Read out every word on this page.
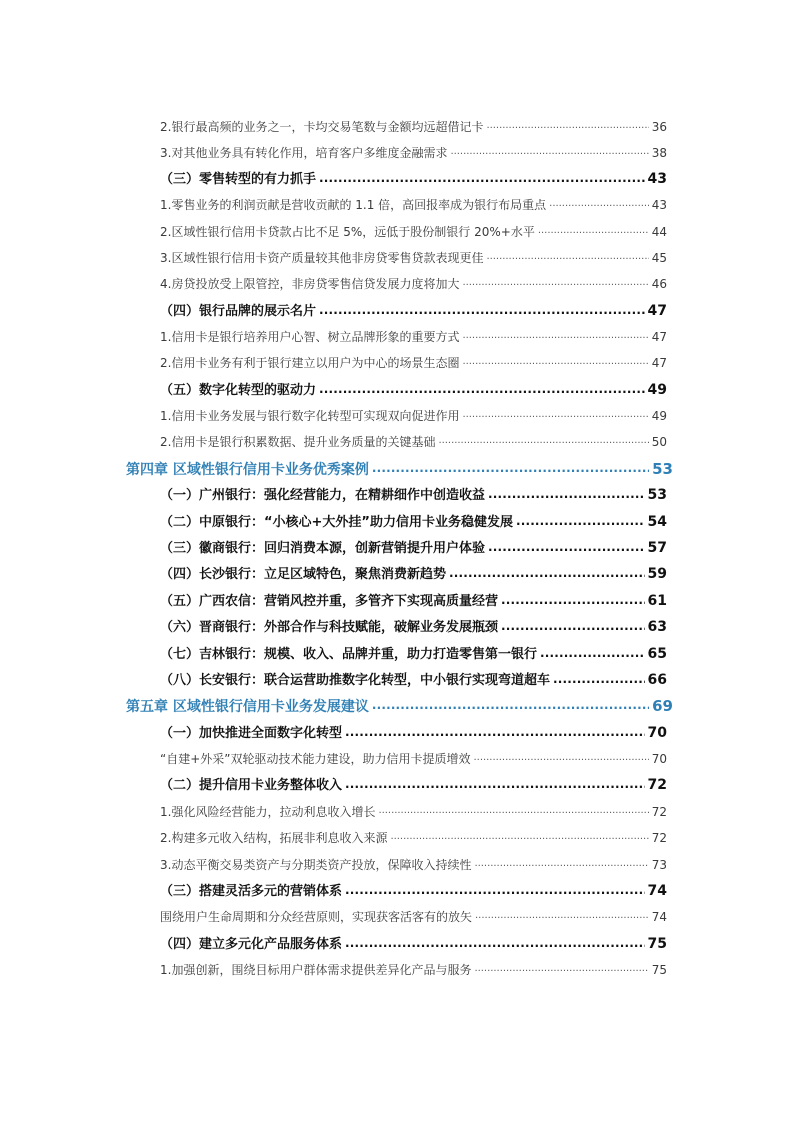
2.银行最高频的业务之一，卡均交易笔数与金额均远超借记卡 . . .	36
3.对其他业务具有转化作用，培育客户多维度金融需求 . . .	38
（三）零售转型的有力抓手 . . .	43
1.零售业务的利润贡献是营收贡献的 1.1 倍，高回报率成为银行布局重点 . . .	43
2.区域性银行信用卡贷款占比不足 5%，远低于股份制银行 20%+水平 . . .	44
3.区域性银行信用卡资产质量较其他非房贷零售贷款表现更佳 . . .	45
4.房贷投放受上限管控，非房贷零售信贷发展力度将加大 . . .	46
（四）银行品牌的展示名片 . . .	47
1.信用卡是银行培养用户心智、树立品牌形象的重要方式 . . .	47
2.信用卡业务有利于银行建立以用户为中心的场景生态圈 . . .	47
（五）数字化转型的驱动力 . . .	49
1.信用卡业务发展与银行数字化转型可实现双向促进作用 . . .	49
2.信用卡是银行积累数据、提升业务质量的关键基础 . . .	50
第四章 区域性银行信用卡业务优秀案例 . . .	53
（一）广州银行：强化经营能力，在精耕细作中创造收益 . . .	53
（二）中原银行：“小核心+大外挂”助力信用卡业务稳健发展 . . .	54
（三）徽商银行：回归消费本源，创新营销提升用户体验 . . .	57
（四）长沙银行：立足区域特色，聚焦消费新趋势 . . .	59
（五）广西农信：营销风控并重，多管齐下实现高质量经营 . . .	61
（六）晋商银行：外部合作与科技赋能，破解业务发展瓶颈 . . .	63
（七）吉林银行：规模、收入、品牌并重，助力打造零售第一银行 . . .	65
（八）长安银行：联合运营助推数字化转型，中小银行实现弯道超车 . . .	66
第五章 区域性银行信用卡业务发展建议 . . .	69
（一）加快推进全面数字化转型 . . .	70
“自建+外采”双轮驱动技术能力建设，助力信用卡提质增效 . . .	70
（二）提升信用卡业务整体收入 . . .	72
1.强化风险经营能力，拉动利息收入增长 . . .	72
2.构建多元收入结构，拓展非利息收入来源 . . .	72
3.动态平衡交易类资产与分期类资产投放，保障收入持续性 . . .	73
（三）搭建灵活多元的营销体系 . . .	74
围绕用户生命周期和分众经营原则，实现获客活客有的放矢 . . .	74
（四）建立多元化产品服务体系 . . .	75
1.加强创新，围绕目标用户群体需求提供差异化产品与服务 . . .	75
